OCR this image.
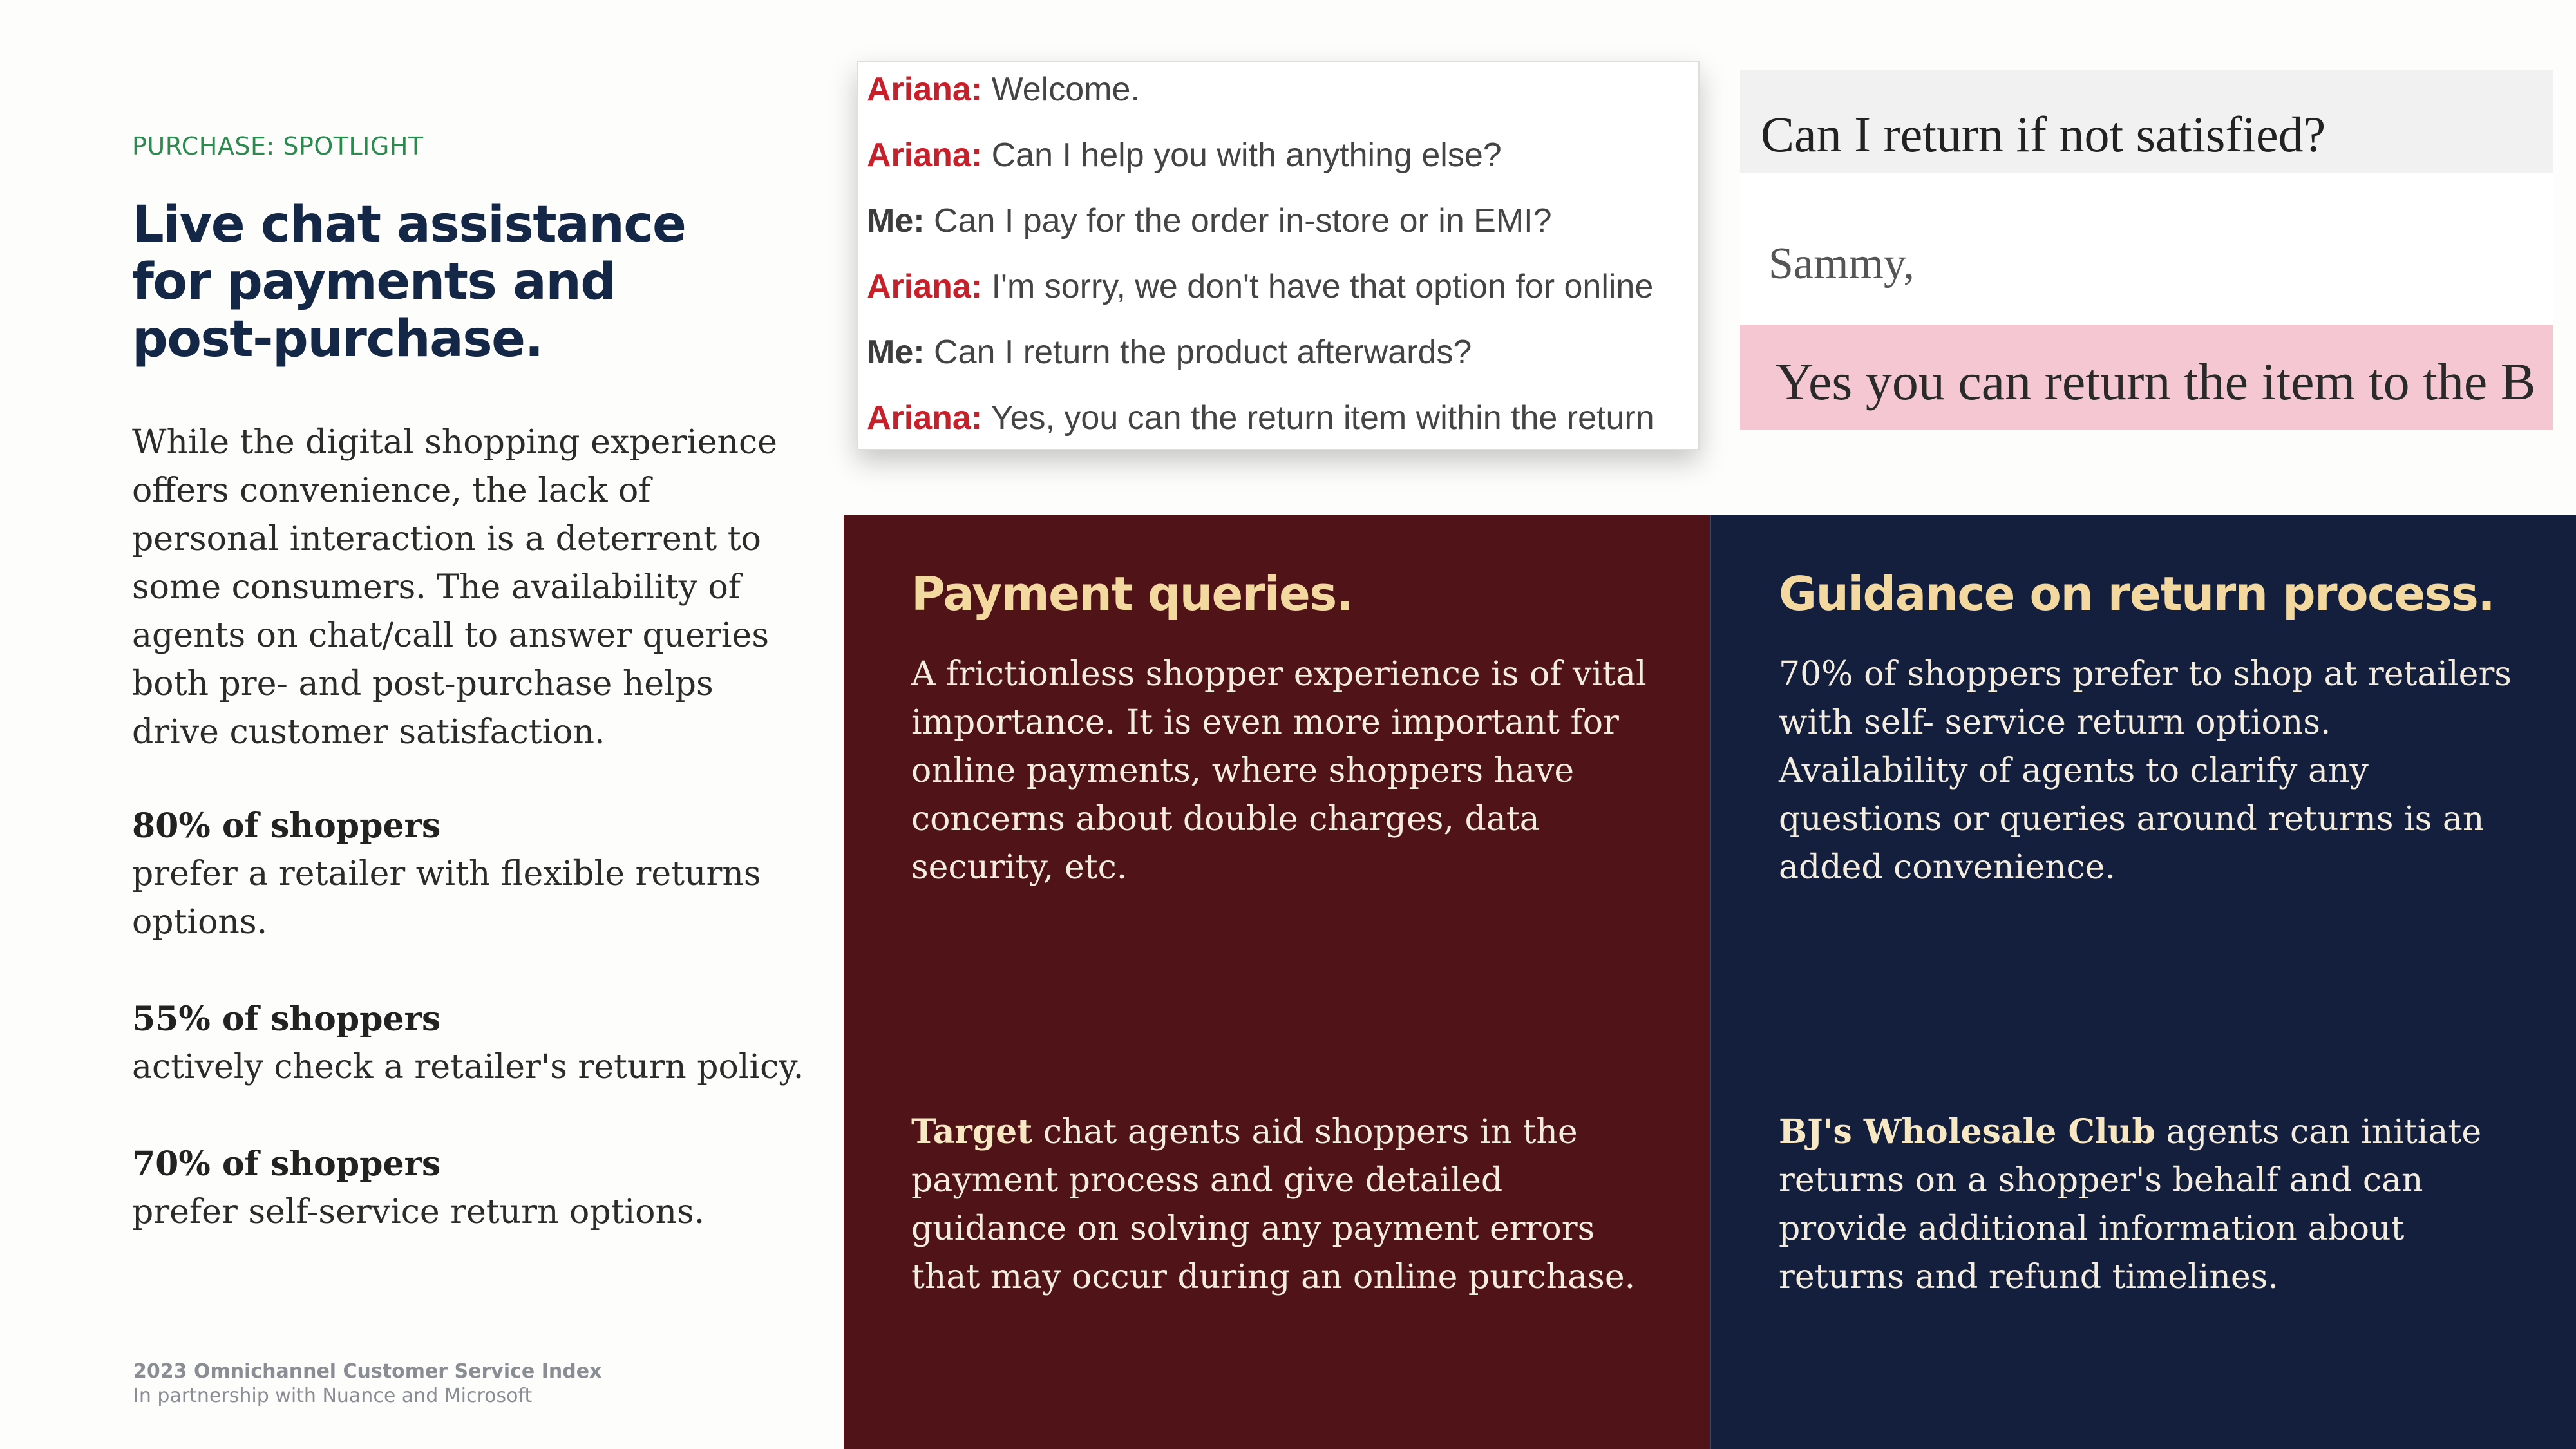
PURCHASE: SPOTLIGHT
Live chat assistance for payments and post-purchase.
While the digital shopping experience offers convenience, the lack of personal interaction is a deterrent to some consumers. The availability of agents on chat/call to answer queries both pre- and post-purchase helps drive customer satisfaction.
80% of shoppers
prefer a retailer with flexible returns options.
55% of shoppers
actively check a retailer's return policy.
70% of shoppers
prefer self-service return options.
2023 Omnichannel Customer Service Index
In partnership with Nuance and Microsoft
Ariana: Welcome.
Ariana: Can I help you with anything else?
Me: Can I pay for the order in-store or in EMI?
Ariana: I'm sorry, we don't have that option for online
Me: Can I return the product afterwards?
Ariana: Yes, you can the return item within the return
Can I return if not satisfied?
Sammy,
Yes you can return the item to the B
Payment queries.
A frictionless shopper experience is of vital importance. It is even more important for online payments, where shoppers have concerns about double charges, data security, etc.
Target chat agents aid shoppers in the payment process and give detailed guidance on solving any payment errors that may occur during an online purchase.
Guidance on return process.
70% of shoppers prefer to shop at retailers with self- service return options. Availability of agents to clarify any questions or queries around returns is an added convenience.
BJ's Wholesale Club agents can initiate returns on a shopper's behalf and can provide additional information about returns and refund timelines.
